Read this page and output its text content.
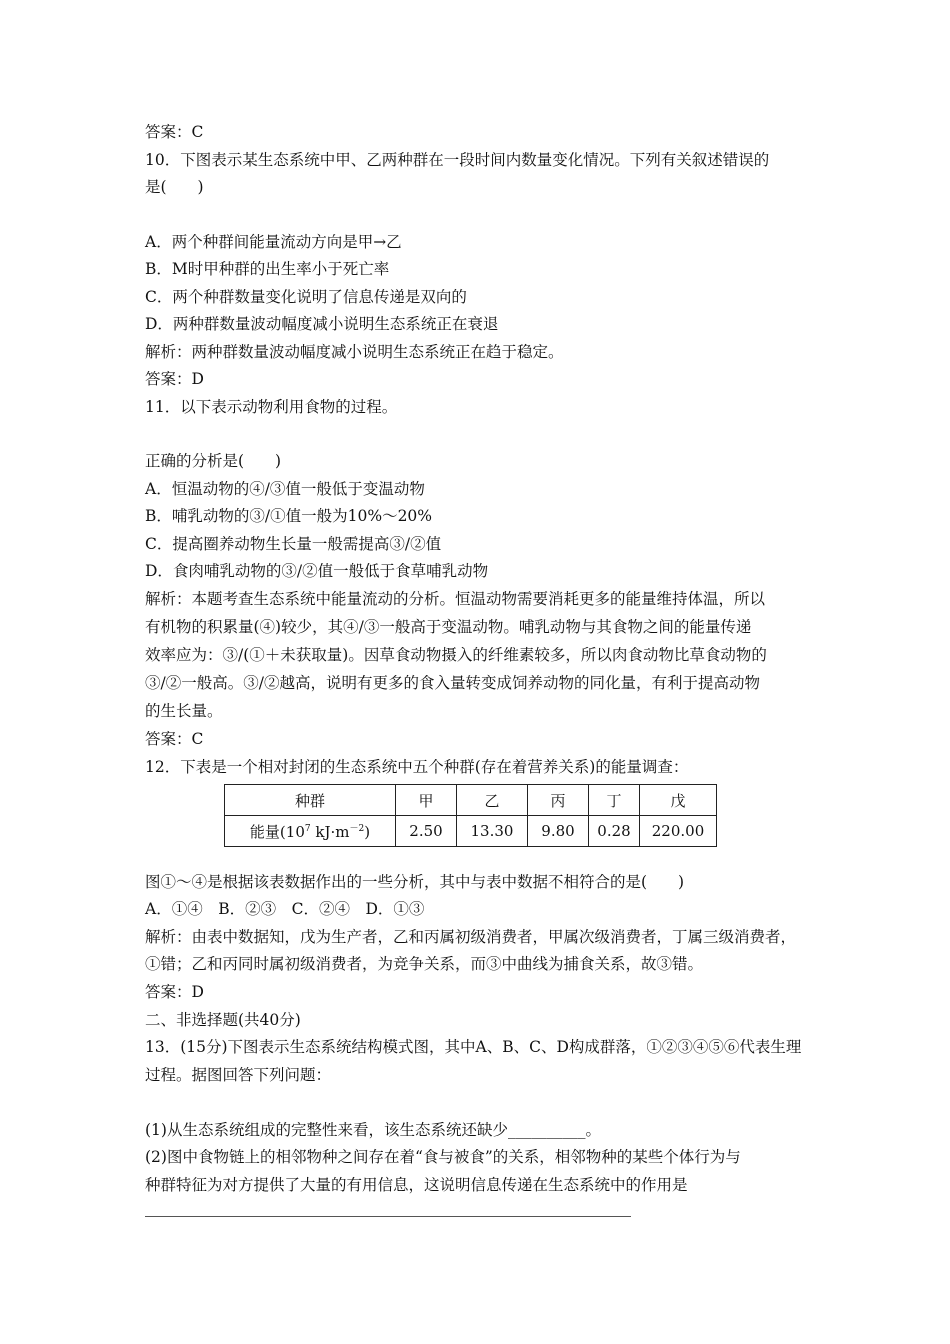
答案：C
10．下图表示某生态系统中甲、乙两种群在一段时间内数量变化情况。下列有关叙述错误的
是(　　)
A．两个种群间能量流动方向是甲→乙
B．M时甲种群的出生率小于死亡率
C．两个种群数量变化说明了信息传递是双向的
D．两种群数量波动幅度减小说明生态系统正在衰退
解析：两种群数量波动幅度减小说明生态系统正在趋于稳定。
答案：D
11．以下表示动物利用食物的过程。
正确的分析是(　　)
A．恒温动物的④/③值一般低于变温动物
B．哺乳动物的③/①值一般为10%～20%
C．提高圈养动物生长量一般需提高③/②值
D．食肉哺乳动物的③/②值一般低于食草哺乳动物
解析：本题考查生态系统中能量流动的分析。恒温动物需要消耗更多的能量维持体温，所以
有机物的积累量(④)较少，其④/③一般高于变温动物。哺乳动物与其食物之间的能量传递
效率应为：③/(①＋未获取量)。因草食动物摄入的纤维素较多，所以肉食动物比草食动物的
③/②一般高。③/②越高，说明有更多的食入量转变成饲养动物的同化量，有利于提高动物
的生长量。
答案：C
12．下表是一个相对封闭的生态系统中五个种群(存在着营养关系)的能量调查：
种群	甲	乙	丙	丁	戊
能量($10^7$ $kJ\cdot m^{-2}$)	2.50	13.30	9.80	0.28	220.00
图①～④是根据该表数据作出的一些分析，其中与表中数据不相符合的是(　　)
A．①④　B．②③　C．②④　D．①③
解析：由表中数据知，戊为生产者，乙和丙属初级消费者，甲属次级消费者，丁属三级消费者，
①错；乙和丙同时属初级消费者，为竞争关系，而③中曲线为捕食关系，故③错。
答案：D
二、非选择题(共40分)
13．(15分)下图表示生态系统结构模式图，其中A、B、C、D构成群落，①②③④⑤⑥代表生理
过程。据图回答下列问题：
(1)从生态系统组成的完整性来看，该生态系统还缺少__________。
(2)图中食物链上的相邻物种之间存在着“食与被食”的关系，相邻物种的某些个体行为与
种群特征为对方提供了大量的有用信息，这说明信息传递在生态系统中的作用是
